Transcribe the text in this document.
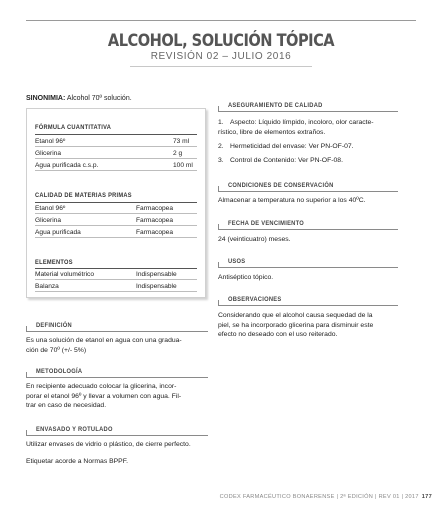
ALCOHOL, SOLUCIÓN TÓPICA
REVISIÓN 02 – JULIO 2016
SINONIMIA: Alcohol 70º solución.
FÓRMULA CUANTITATIVA
Etanol 96º	73 ml
Glicerina	2 g
Agua purificada c.s.p.	100 ml
CALIDAD DE MATERIAS PRIMAS
Etanol 96º	Farmacopea
Glicerina	Farmacopea
Agua purificada	Farmacopea
ELEMENTOS
Material volumétrico	Indispensable
Balanza	Indispensable
DEFINICIÓN
Es una solución de etanol en agua con una gradua-
ción de 70º (+/- 5%)
METODOLOGÍA
En recipiente adecuado colocar la glicerina, incor-
porar el etanol 96º y llevar a volumen con agua. Fil-
trar en caso de necesidad.
ENVASADO Y ROTULADO
Utilizar envases de vidrio o plástico, de cierre perfecto.
Etiquetar acorde a Normas BPPF.
ASEGURAMIENTO DE CALIDAD
1. Aspecto: Líquido límpido, incoloro, olor caracte-
rístico, libre de elementos extraños.
2. Hermeticidad del envase: Ver PN-OF-07.
3. Control de Contenido: Ver PN-OF-08.
CONDICIONES DE CONSERVACIÓN
Almacenar a temperatura no superior a los 40ºC.
FECHA DE VENCIMIENTO
24 (veinticuatro) meses.
USOS
Antiséptico tópico.
OBSERVACIONES
Considerando que el alcohol causa sequedad de la
piel, se ha incorporado glicerina para disminuir este
efecto no deseado con el uso reiterado.
CODEX FARMACÉUTICO BONAERENSE | 2ª EDICIÓN | REV 01 | 2017 177
